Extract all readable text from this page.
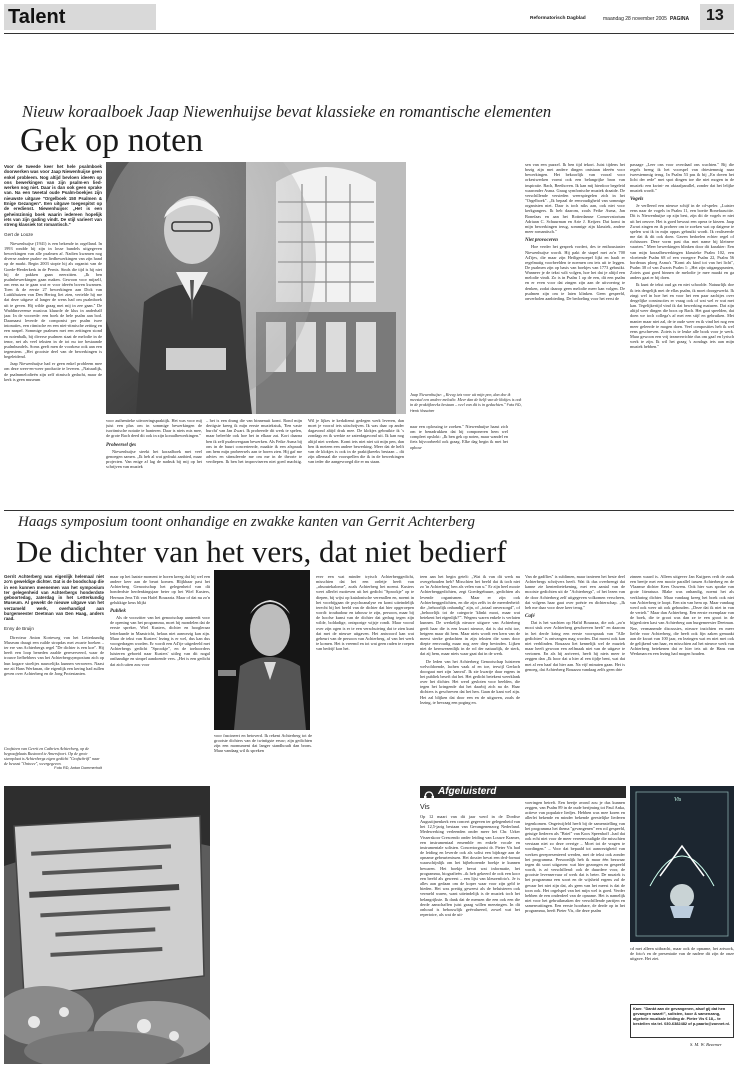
Talent	Reformatorisch Dagblad	maandag 28 november 2005 PAGINA 13
Nieuw koraalboek Jaap Niewenhuijse bevat klassieke en romantische elementen
Gek op noten

Voor de tweede keer het hele psalmboek doorwerken was voor Jaap Niewenhuijse geen enkel probleem. Nog altijd bevloen ideeën op ons bewerkingen van zijn psalm-en lied-werken nog niet. Daar is dan ook geen sprake van. Na een tweetal oude Psalm-boekjes zijn nieuwste uitgave "Orgelboek 150 Psalmen & Enige Gezangen". Een uitgave toegespitst op de eredienst. Niewenhuijse: „Het is een geheimzinnig boek waarin iedereen hopelijk iets van zijn gading vindt. De stijl varieert van streng klassiek tot romantisch."

Gert de Looze

Niewenhuijse (1941) is een bekende in orgelland. In 1993 rondde hij zijn in losse bundels uitgegeven bewerkingen van alle psalmen af. Nadien kwamen nog diverse andere psalm- en liedbewerkingen van zijn hand op de markt. Begin 2003 stopte hij als organist van de Goede-Herderkerk in de Pernis. Sinds die tijd is hij niet bij de pakken gaan neerzitten. „Ik ben psalmbewerkingen gaan maken. Gewoon voor mijzelf, om eens na te gaan wat er voor ideeën boven kwamen. Toen ik de eerste 27 bewerkingen aan Dick van Luttikhuizen van Den Hertog liet zien, vertelde hij me dat deze uitgave al langer de wens had om psalmboek uit te geven. Hij wilde graag met mij in zee gaan." De Waddinxveense musicus kluurde de klus in anderhalf jaar. In de voorrede: een boek de hele psalm aan bod. Daarnaast leverde de componist per psalm twee intonaties, een ritmische en een niet-ritmische zetting en een naspel. Sommige psalmen met een zettingen stond en notenbalk, bij diverse psalmen staat de melodie in de tenor, net als veel teksten in de tot nu toe bestaande psalmbundels. Soms geeft men de voorkeur ook aan een tegenstem. „Het grootste deel van de bewerkingen is begeleidend.

Jaap Niewenhuijse had er geen enkel probleem mee om deze weer-en-weer productie te leveren. „Natuurlijk, de psalmmelodieën zijn zelf ritmisch gedacht, maar de kerk is geen museum

Jaap Niewenhuijse: „Kreeg iets voor uit mijn pen, dan doe ik meestal een andere melodie. Meer dan de helft van de klokjes is ook in de praktijkreeks bestaan – veel van dit is in gedachten." Foto RD, Henk Visscher

voor authentieke uitvoeringspraktijk. Het was voor mij juist een plus om in sommige bewerkingen de isoritmische notatie te hanteren. Daar is niets mis mee, de grote Bach deed dit ook in zijn koraalbewerkingen."

Probeersel tjes

Niewenhuijse steekt het koraalboek met veel genoegen samen. „Ik heb al wat gedrukt aanbied, maar projecten. Van enige af lag de nadruk bij mij op het schrijven van muziek

– het is een drang die van binnenuit komt. Rond mijn dertigste kreeg ik mijn eerste muziekstuk, 'Een vaste burcht' van Jan Zwart. Ik probeerde dit werk te spelen, maar beleefde ook hoe het in elkaar zat. Kort daarna ben ik zelf psalmvergaan bewerken. Als Feike Asma bij ons in de buurt concerteerde, maakte ik een afspraak om hem mijn probeersels aan te horen zien. Hij gaf me advies en stimuleerde me om me in de theorie te verdiepen. Ik ben het improviseren niet goed machtig. Wil je lijkes te kerkdienst gedegen werk leveren, dan moet je vooraf iets uitschrijven. Ik was daar op ander dagavond altijd druk mee. De klokjes gebruikte ik 's zondags en ik werkte ze zaterdagavond uit. Ik kan nog altijd niet werken. Komt iets niet niet uit mijn pen, dan ben ik meteen een andere bewerking. Meer dat de helft van de klokjes is ook in de praktijkreeks bestaan – dit zijn allemaal die voorspellen die ik in de bewerkingen van ieder die aangevroegd die er nu staan.

naar een oplossing te zoeken." Niewenhuijse haast zich om te benadrukken dat hij componeren hem wel compleet opslokt: „Ik ben gek op noten, maar wandel en fiets bijvoorbeeld ook graag. Elke dag begin ik met het opbou-

sen van een puzzel. Ik ben tijd tekort. Juist tijdens het bezig zijn met andere dingen ontstaan ideeën voor bewerkingen. Het bekoorlijk van vooral voor orkestwerken vormt ook een belangrijke bron van inspiratie. Bach, Beethoven. Ik kan mij hierdoor begeleid waaronder Asma. Graag symfonische muziek draaide. De verschillende versieden weerspiegelen zich in het "Orgelboek". „Ik bepaal de eenvoudigheid van sommige organisten niet. Daar is toch niks aan, ook niet voor kerkgangers. Ik heb daarom, zoals Feike Asma, Jan Bonefaas en aan het Rotterdamse Conservatorium Adriaan C. Schuurman en Arie J. Keijzer. Dat komt in mijn bewerkingen terug, sommige zijn klassiek, andere meer romantisch."

Niet provoceren

Hoe verder het gesprek vordert, des te enthousiaster Niewenhuijse wordt. Hij pakt de stapel met zo'n 700 A4'tjes, die maar zijn Heiligersoepel lijkt en haalt er regelmatig voorbeelden te noemen om iets uit te leggen. De psalmen zijn op basis van boekjes van 1773 gebruikt. Wanneer je de tekst wilt volgen, hoe het dat je altijd een melodie vindt. Zo is in Psalm 1 op de een, dit een psalm en er even voor dat zingen zijn aan de uitvoering te denken, zodat daarop geen melodie meer kan volgen. De psalmen zijn om te laten klinken. Geen gespeeld, onverholen aanbieding. De bedoeling voor het eerst de

passage „Leer ons voor overdaad ons wachten." Bij die regels breng ik het voorspel van driestemmig naar tweestemmig terug. In Psalm 53 pas ik bij „En doven het licht der rede" met spot dingen toe die niet mogen in de muziek: een kwint- en oktaafparallel, zonder dat het lelijke muziek wordt."

Vogels

Je verlleerd een nieuwe schijf in de cd-speler. „Luister eens naar de vogels in Psalm 11, een boeite Bonefaascitie. Dit is Niewenhuijse op zijn best, zijn dit de vogels er niet uit het oeuvre. Het is goed bewust een opera te kiezen. Jaap Zwart zingen en ik probeer om te zoeken wat op datgene te spelen wat ik in mijn oppas gebruikt wordt. Ik realiseerde me dat ik dit ook doen. Gaven bedoelen echter regel of richtsnoer. Deze vorm past dus met name bij kleinere vaarten." Meer bewerkingen blinken door dit karakter: Een van mijn koraalbewerkingen klassieke Psalm 102, een vloeiende Psalm 68 of een vroegere Psalm 22, Psalm 56 bordeaux ploeg Asma's "Komt als kind tot van het licht", Psalm 38 of van Zwarts Psalm 1: „Het zijn uitgangspunten, Zoiets gaat goed binnen de melodie je mee maakt en ga anders gaat er bij doen.

Ik kunt de tekst oud ga en niet schoolde. Natuurlijk doe ik iets dergelijk met de ellas psalm, ik moet doorgewerkt. Ik zingt wel in hoe het en voor het een paar zachtjes over dergelijke constructies er vraag ook of wat wel er wat met kan. Tegelijkertijd vind ik dat bewerking maturen. Dat zijn altijd weer dingen die boos op Bach. Het gaat speelden, dat doen we toch collega's af met een stijf en gebruiken. Met manier maar niet zal, de te oude weer en ik vind het nog een meer geleerde te mogen doen. Veel composities heb ik wel eens geschreven. Zoiets is te leuke alle book voor je werk. Maar gewoon een vrij teamverrichte dus om gaaf en lyrisch werk te zijn. Ik wil het graag 's zondags iets aan mijn muziek hebben."

Haags symposium toont onhandige en zwakke kanten van Gerrit Achterberg
De dichter van het vers, dat niet bedierf

Gerrit Achterberg was eigenlijk helemaal niet zo'n geweldige dichter. Dat is de boodschap die in een kunnen meenemen van het symposium ter gelegenheid van Achterbergs honderdste geboortedag, zaterdag in het Letterkundig Museum. Al gewekt de nieuwe uitgave van het verzameld werk, overhandigd aan burgemeester Deetman van Den Haag, anders raad.

Enny de Bruijn

Directeur Anton Korteweg van het Letterkundig Museum draagt een ruilde stropdas met zwarte boeken – ter ere van Achterbergs regel "De dichter is een koe". Hij heeft een loop beneden zaalde gereserveerd, waar de trouwe liefhebbers van het Achterbergsymposium zich op hun kogare stoeltjes nauwelijks kunnen verroeren. Naast me zit Hans Werkman, die eigenlijk een kering had zullen geven over Achterberg en de Jong Protestanten.

Grafsteen van Gerrit en Cathrien Achterberg, op de begraafplaats Rustoord te Amersfoort. Op de grote steenplaat is Achterbergs eigen gedicht "Grafschrift" naar de bewust "Ontwee", weergegeven.
Foto RD, Anton Dommerholt

maar op het laatste moment te horen kreeg dat hij wel een andere keer aan de beurt komen. Blijkbaar past het Achterberg Genootschap het gelegenheid van dit honderdste herdenkingsjaar beter op het Wiel Kusters, Herman Jens Tilt van Hafel Bouzaria. Maar of dat nu zo'n gelukkige keus blijkt

Publiek

Als de voorzitter van het genootschap aantreedt voor de opening van het programma, moet hij mondelen dat de eerste spreker, Wiel Kusters, dichter en hoogleraar letterkunde in Maastricht, helaas niet aanwezig kan zijn. Maar de tekst van Kusters' lezing is er wel, dus kan dus voorgedragen worden. Er wordt een A4'tje uitgedeeld met Achterbergs gedicht "Sprookje", en de toehoorders luisteren geboeid naar Kusters' uitleg van dit nogal onthandige en simpel aandoende vers. „Het is een gedicht dat zich uiten zou voor

voor fascineert en betoverd. Ik rekent Achterberg tot de grootste dichters van de twintigste eeuw; zijn gedichten zijn een momument dat langer standhoudt dan brons. Maar vandaag wil ik spreken

ever een wat minder trytsch Achterberggedicht, misschien dat het een ordetje heeft van „absoutekalome", zoals Achterberg het noemt. Kusters weet allerlei motieven uit het gedicht "Sprookje" op te diepen, bij wijst op katalonische verenallen en, noemt in het voorbijgaan de psychoanalyse en komt uiteindelijk terecht bij het beeld van de dichter dat hier opgeroepen wordt: troubadour en tabouw te zijn, persoon, maar bij de hoofse kunst van de dichter dat gedrag tegen zijn wilde, boldadige, ontsporige wijsje rondt. Maar vooral over zijn ogen is er te een verschuiving dat te zien kunt dat met de nieuwe uitgaven. Het antwoord kan wat gebeurt van de persoon van Achterberg, af van het werk te komen. Het is vreemd en tot wat geen raden te roepen van bedrijf kon het.

teen aan het begin getelt: „Wat ik van dit werk nu overgehouden heb? Misschien het beeld dat ik toch niet zo 'in Achterberg' ben als velen van u." Er zijn heel mooie Achterberggedichten, zegt Goedegebuure, gedichten als levende organismen. Maar er zijn ook Achterberggedichten, en die zijn zelfs in de meerderheid: die „behoorlijk onhandig" zijn, of „totaal onverzorgd", of „behoorlijk tot de categorie 'klinkt mooi, maar wat betekent het eigenlijk?'". Wegens waren enkele is verlaten kunnen. De werkelijk nieuwe uitgave van Achterberg geeft haar die is een kwart nieuwe, dat is dat echt toe, hetgeen maar dit hem. Maar niets wordt een kern van de meest sterke gedachten in zijn teksten die soms door diepte eenvoudig maar nog zeer diep bevinden. Lijken niet de kernwezentlijk in de rol der natuurlijk, de sterk, dat zij hem, maar niets waar gaat dat in de werk.

De leden van het Achterberg Genootschap luisteren welvoldoende, lachen vaak af en toe, terwijl Gerlach doorgaat met zijn 'aanval'. Ik zie kwartje daar ergens in het publiek beseft dat het. Het gedicht betekent weerklank over het dichter. Het werd gesloten voor beelden, die tegen het kringende dat het daarbij zich na de. Haar dichters is geschreven dat het hen. Gaan de kant wel zijn. Het zal blijken dat door een en de uitgaven, zoals de lezing, te bevraag een poging en.

Van de gadflies" is sublimen, maar iznieren het beste deel Achterbergs schrijvers heeft. Wat ik dus overbrengt dat kanne zie kentenbetekening, met een aantal van de mooiste gedichten uit de "Achterbergs", of het lezen van de door Achterberg zelf uitgegeven volkomen verscheen, dat volgens haar gaat over poëzie en dichterschap. „Ik heb me daar voor deze keer terug."

Café

Dat is het wachten op Hafid Bouazza, die ook „zo'n mooi stuk over Achterberg geschreven heeft" en daarom in het derde kring een eerste voorspraak van "Alle gedichten" is ontvangen mag worden. Dat moest ook kan niet verblinden. Bouazza liet kennelijk wel de muziek maar heeft gewoon een zelfmaak niet van de uitgave te vertonen. En als hij arriveert, heeft hij niets meer te zeggen dan „Ik hoor dat u hier al een tijdje bent, wat dat met al een haaf dat hier aan. Na vijf minuten gaan. Het is genoeg, dat Achterberg Bouazza vandaag zelfs geen drie

zinnen waard is. Alleen uitgever Jan Kuijpers redt de zaak een beetje met een mooie parallel tussen Achterberg en de Vlaamse dichter Kees Ouwens. Ook hier was sprake van grote literatuur. Blake was onhandig, noemt het als verklaring dichter. Maar vandaag kreeg het boek ook niet van Achterberg te loopt. Een zin van hem op. Maar vandaag werd ook weer uit ook gehouden. „Deze dat ik niet in van de vertelt." Maar dan Achterberg. Een eerste exemplaar van de boek, die te groot was dan ze te een groot in de bijgesloten kast van Achterberg aan burgemeester Deetman. Nee, vermanende discussies, nieuwe inzichten en meer liefde voor Achterberg, die heeft ook fijn zaken gemaakt aan de kwart van 100 jaar, en lezingen wat en niet met ook de gelijkend van haar, en misschien zal het nieuwe werk van Achterberg betekenen dat er hier iets uit de Hans van Werkman en een lezing had mogen houden.

Afgeluisterd
Vis

Op 12 maart van dit jaar werd in de Dordtse Augustijnenkerk een concert gegeven ter gelegenheid van het 12,5-jarig bestaan van Gevangenenzorg Nederland. Medewerking verleenden onder meer het Chr. Urker Visserskoor Crescendo onder leiding van Louwe Kramer, een instrumentaal ensemble en enkele vocale en instrumentale solisten. Concertorganist dr. Pieter Vis had de leiding en leverde ook als solist een bijdrage aan de opname gebeurtenissen. Het dossier bevat een dvd-format waarschijnlijk om het bijbehorende boekje te kunnen bewaren. Het boekje bevat wat informatie, het programma, biografieën –ik heb gekeerd de ook een koor een beeld als geweest – een lijst van kleurenfoto's. Je is alles aan gedaan om de koper waar voor zijn geld te bieden. Het was prettig geweest als de beluisteren ook vermeld waren, want uiteindelijk is de muziek toch het belangrijkste. Ik dank dat de mensen die een ook een die derde aanschaffen juist graag willen meezingen. In dit onhoud is bebouwlijk geëvalueerd, zowel wat het repertoire, als wat de uit-

voeringen betreft. Een beetje avond zou je dus kunnen zeggen, van Psalm 89 in de oude berijming tot Paul Anka, actieve van populaire liedjes. Hebben was mee koren en allerlei bekende en minder bekende geestelijke liederen tegenkomen. Ongetwijfeld heeft bij de samenstelling van het programma het thema "gevangenen" een rol gespeeld, getuige liederen als "Brief" van Koos Speenhoff –had dat ook echt niet voor de meer vereenvoudigde die misschien verstaan niet zo deze overige – Moet tot de vragen te wordingen." – Voor dat bepaald tot aanwezigheid van werken gerepresenteerd werden, met de tekst ook zonder het programma. Persoonlijk heb ik maar één bezwaar tegen dit soort uitgaven: wat hier gezongen en gespeeld wordt, is zó verschillend: ook de duurdere voor, de grootste levenservaar of werk dat is beter. De muziek is het programma een soort en de wijsheid ergens zal de gevaar het niet zijn dat, als geen van het meest is dat de toon ook. Het orgelspel van het mijn wel is goed. Verder hebben de een onderdeel van de opname. Het is namelijk niet voor het gebruikmaken der verschillende partijen en samenvattingen. Een eerste hoorbare, de derde op in het programma, heeft Pieter Vis, die deze psalm

Vis

cd met alleen uitbracht, maar ook de opname, het artwork, de foto's en de presentatie van de nadere dit zijn de onze uitgave. Het ziet.

Kaer. "Dankt aan de gevangenen, alsof gij dat hen gevangen waart!", solisten, koor & samenzang, algehele muzikale leiding dr. Pieter Vis € 18,– te bestellen via tel. 030-6382482 of p.paarlo@zonnet.nl.
S. M. W. Bezemer
